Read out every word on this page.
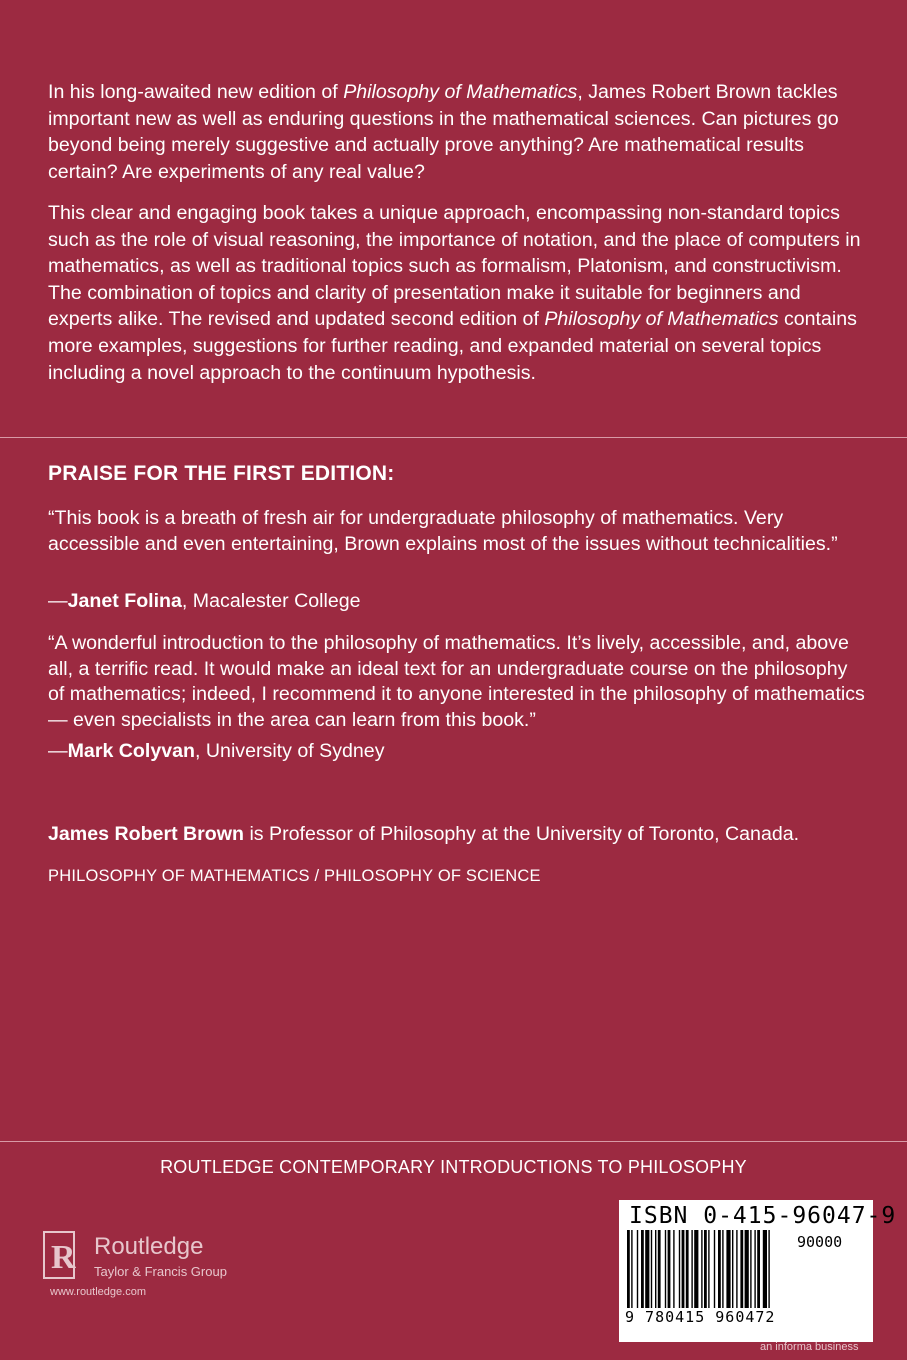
In his long-awaited new edition of Philosophy of Mathematics, James Robert Brown tackles important new as well as enduring questions in the mathematical sciences. Can pictures go beyond being merely suggestive and actually prove anything? Are mathematical results certain? Are experiments of any real value?

This clear and engaging book takes a unique approach, encompassing non-standard topics such as the role of visual reasoning, the importance of notation, and the place of computers in mathematics, as well as traditional topics such as formalism, Platonism, and constructivism. The combination of topics and clarity of presentation make it suitable for beginners and experts alike. The revised and updated second edition of Philosophy of Mathematics contains more examples, suggestions for further reading, and expanded material on several topics including a novel approach to the continuum hypothesis.

PRAISE FOR THE FIRST EDITION:

“This book is a breath of fresh air for undergraduate philosophy of mathematics. Very accessible and even entertaining, Brown explains most of the issues without technicalities.”

—Janet Folina, Macalester College

“A wonderful introduction to the philosophy of mathematics. It’s lively, accessible, and, above all, a terrific read. It would make an ideal text for an undergraduate course on the philosophy of mathematics; indeed, I recommend it to anyone interested in the philosophy of mathematics — even specialists in the area can learn from this book.”

—Mark Colyvan, University of Sydney
James Robert Brown is Professor of Philosophy at the University of Toronto, Canada.
PHILOSOPHY OF MATHEMATICS / PHILOSOPHY OF SCIENCE
ROUTLEDGE CONTEMPORARY INTRODUCTIONS TO PHILOSOPHY
R Routledge
Taylor & Francis Group
www.routledge.com
ISBN 0-415-96047-9
90000
9 780415 960472
an informa business
